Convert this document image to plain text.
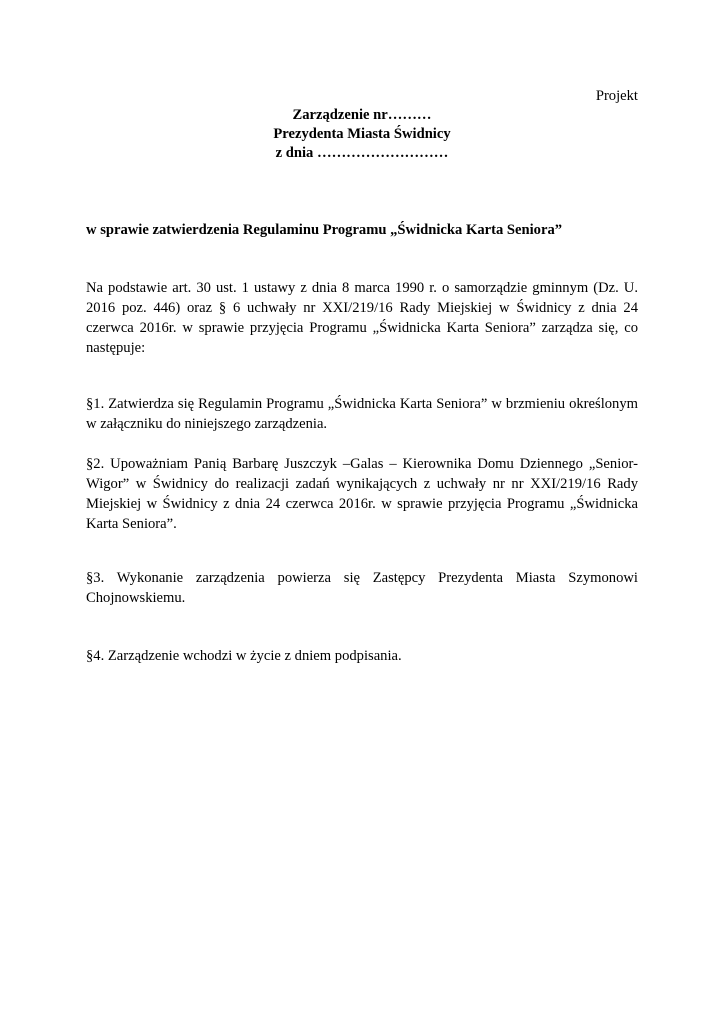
Projekt
Zarządzenie nr………
Prezydenta Miasta Świdnicy
z dnia ………………………
w sprawie zatwierdzenia Regulaminu Programu „Świdnicka Karta Seniora”

Na podstawie art. 30 ust. 1 ustawy z dnia 8 marca 1990 r. o samorządzie gminnym (Dz. U. 2016 poz. 446) oraz § 6 uchwały nr XXI/219/16 Rady Miejskiej w Świdnicy z dnia 24 czerwca 2016r. w sprawie przyjęcia Programu „Świdnicka Karta Seniora” zarządza się, co następuje:

§1. Zatwierdza się Regulamin Programu „Świdnicka Karta Seniora” w brzmieniu określonym w załączniku do niniejszego zarządzenia.

§2. Upoważniam Panią Barbarę Juszczyk –Galas – Kierownika Domu Dziennego „Senior-Wigor” w Świdnicy do realizacji zadań wynikających z uchwały nr nr XXI/219/16 Rady Miejskiej w Świdnicy z dnia 24 czerwca 2016r. w sprawie przyjęcia Programu „Świdnicka Karta Seniora”.

§3. Wykonanie zarządzenia powierza się Zastępcy Prezydenta Miasta Szymonowi Chojnowskiemu.

§4. Zarządzenie wchodzi w życie z dniem podpisania.
